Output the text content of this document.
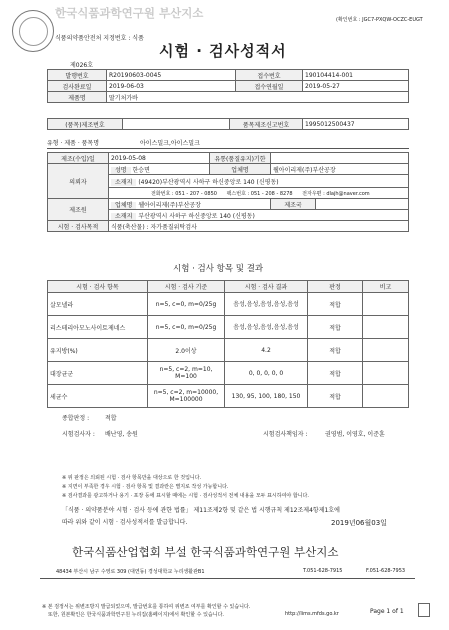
한국식품과학연구원 부산지소	(확인번호 : JGC7-PXQW-OCZC-EUGT
식품의약품안전처 지정번호 : 식품
시험 · 검사성적서
제026호
발행번호	R20190603-0045	접수번호	190104414-001
검사완료일	2019-06-03	접수연월일	2019-05-27
제품명	딸기처가바		
(품목)제조번호		품목제조신고번호	1995012500437
유형 · 제품 · 품목명	아이스밀크,아이스밀크
제조(수입)일	2019-05-08	유통(품질유지)기한		
의뢰자	성명 한승면	업체명	웰아이리제(주)부산공장	
	소재지 (49420)부산광역시 사하구 하신중앙로 140 (신평동)			
	전화번호 : 051 - 207 - 0850 팩스번호 : 051 - 208 - 8278 전자우편 : dlajh@naver.com			
제조원	업체명 웰아이리제(주)부산공장		제조국	
	소재지 부산광역시 사하구 하신중앙로 140 (신평동)			
시험 · 검사목적	식품(축산물) : 자가품질위탁검사			
시험 · 검사 항목 및 결과
시험 · 검사 항목	시험 · 검사 기준	시험 · 검사 결과	판정	비고
살모넬라	n=5, c=0, m=0/25g	음성,음성,음성,음성,음성	적합	
리스테리아모노사이토제네스	n=5, c=0, m=0/25g	음성,음성,음성,음성,음성	적합	
유지방(%)	2.0이상	4.2	적합	
대장균군	n=5, c=2, m=10, M=100	0, 0, 0, 0, 0	적합	
세균수	n=5, c=2, m=10000, M=100000	130, 95, 100, 180, 150	적합	
종합판정 :	적합
시험검사자 : 배난영, 송원	시험검사책임자 :	권영범, 이영호, 이준훈
※ 위 판정은 의뢰된 시험 · 검사 항목만을 대상으로 한 것입니다.
※ 지면이 부족한 경우 시험 · 검사 항목 및 결과란은 별지로 작성 가능합니다.
※ 검사결과를 광고하거나 용기 · 포장 등에 표시할 때에는 시험 · 검사성적서 전체 내용을 모두 표시하여야 합니다.
「식품 · 의약품분야 시험 · 검사 등에 관한 법률」 제11조제2항 및 같은 법 시행규칙 제12조제4항제1호에
따라 위와 같이 시험 · 검사성적서를 발급합니다.	2019년06월03일
한국식품산업협회 부설 한국식품과학연구원 부산지소
48434 부산시 남구 수영로 309 (대연동) 경성대학교 누리생활관B1	T.051-628-7915	F.051-628-7953
※ 본 검정서는 위변조방지 발급되었으며, 발급번호를 통하여 위변조 여부를 확인할 수 있습니다.
또한, 원본확인은 한국식품과학연구원 누리집(홈페이지)에서 확인할 수 있습니다.	http://lims.mfds.go.kr	Page 1 of 1
